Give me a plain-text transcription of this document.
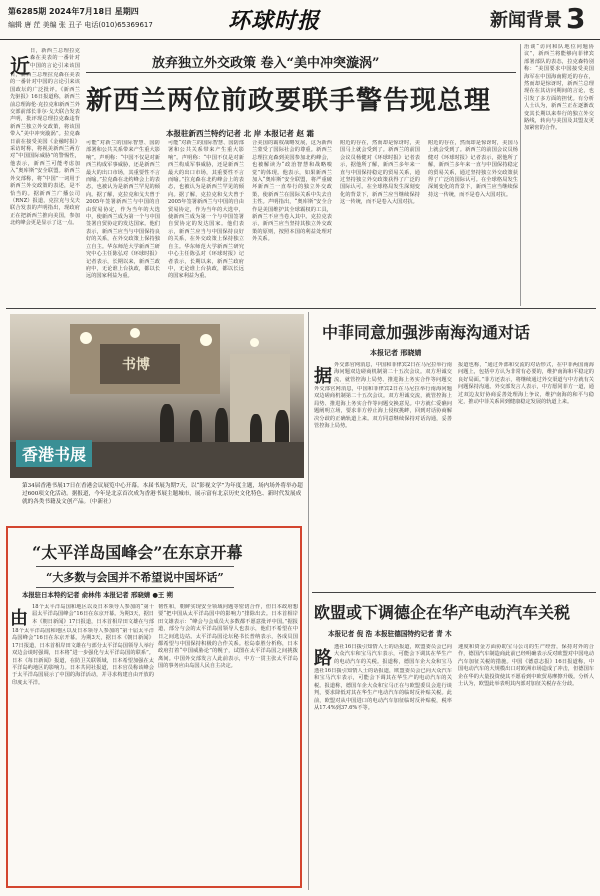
第6285期 2024年7月18日 星期四
编辑 唐 茳 美编 张 丑子 电话(010)65369617	环球时报	新闻背景 3
近
日，新西兰总理拉克森在美表的一番针对中国的言论引来该国
日，新西兰总理拉克森在美表的一番针对中国的言论引来该国政坛的广泛批评。《新西兰先驱报》16日报道称，新西兰前总理海伦·克拉克和新西兰外交部前部长菲尔·戈夫联合发表声明，批评现总理拉克森违背新西兰独立外交政策，将该国带入“美中冲突漩涡”。拉克森日前在接受美国《金融时报》采访时称，将视美新西兰两方对“中国国际威胁”的警惕性，他表示，新西兰可能考虑加入“奥库斯”安全联盟。新西兰外交部称，将“中国”一词用于新西兰外交政策的表述，是不恰当的。据新西兰广播公司（RNZ）报道，克拉克与戈夫联合发表的声明指出，现政府正在把新西兰推向美国，参加北约峰会更是显示了这一点。
放弃独立外交政策 卷入“美中冲突漩涡”
新西兰两位前政要联手警告现总理
本报驻新西兰特约记者 北 岸 本报记者 赵 霜
可能“对新兰的国际智慧、国防部署和公共关系带来产生重大影响”。声明称：“中国不仅是对新西兰构成军事威胁，还是新西兰最大的出口市场，其重要性不言而喻。”拉克森在北约峰会上的表态，也被认为是新西兰罕见的倾向。据了解，克拉克和戈夫曾于2005年签署新西兰与中国的自由贸易协定，作为当年的大选中，使新西兰成为第一个与中国签署自贸协定的发达国家。他们表示，新西兰应当与中国保持良好的关系，在外交政策上保持独立自主。华东师范大学新西兰研究中心主任陈弘对《环球时报》记者表示，长期以来，新西兰政府中，无论谁上台执政，都以长远的国家利益为重。
可能“对新兰的国际智慧、国防部署和公共关系带来产生重大影响”。声明称：“中国不仅是对新西兰构成军事威胁，还是新西兰最大的出口市场，其重要性不言而喻。”拉克森在北约峰会上的表态，也被认为是新西兰罕见的倾向。据了解，克拉克和戈夫曾于2005年签署新西兰与中国的自由贸易协定，作为当年的大选中，使新西兰成为第一个与中国签署自贸协定的发达国家。他们表示，新西兰应当与中国保持良好的关系，在外交政策上保持独立自主。华东师范大学新西兰研究中心主任陈弘对《环球时报》记者表示，长期以来，新西兰政府中，无论谁上台执政，都以长远的国家利益为重。
合美国的霸权战略发展，这为新西兰蒙受了国际社会的尊重。新西兰总理拉克森到美国参加北约峰会，也被解读为“政治智慧和战略嗅觉”的体现。他表示，如果新西兰加入“奥库斯”安全联盟，将严重破坏新西兰一直奉行的独立外交政策，使新西兰在国际关系中失去自主性。声明指出，“奥库斯”安全合作是美国维护其全球霸权的工具，新西兰不应当卷入其中。克拉克表示，新西兰应当坚持其独立外交政策的原则，按照本国的利益处理对外关系。
附近的存在，然而却是惊讶时，美国马上就会受到了。新西兰的前国会议员杨健对《环球时报》记者表示，据他所了解，新西兰多年来一直与中国保持稳定的贸易关系，通过坚持独立外交政策获得了广泛的国际认可。在全球格局发生深刻变化的背景下，新西兰应当继续保持这一传统，而不是卷入大国对抗。
附近的存在，然而却是惊讶时，美国马上就会受到了。新西兰的前国会议员杨健对《环球时报》记者表示，据他所了解，新西兰多年来一直与中国保持稳定的贸易关系，通过坚持独立外交政策获得了广泛的国际认可。在全球格局发生深刻变化的背景下，新西兰应当继续保持这一传统，而不是卷入大国对抗。
治谈“访问和队地位问题协议”，新西兰将能够向菲律宾部署部队的表态，拉克森特别称：“美国要求中国接受美国海军在中国海南附近的存在，然而却是惊讶时，新西兰总理现在在其访问期间的言论，也引发了多方面的担忧。有分析人士认为，新西兰正在逐渐改变其长期以来奉行的独立外交路线，转向与美国及其盟友更加紧密的合作。
书博
香港书展
第34届香港书展17日在香港会议展览中心开幕。本届书展为期7天，以“影视文学”为年度主题，场内场外将举办超过600项文化活动。据报道，今年是北京首次成为香港书展主题城市，展示富有北京历史文化特色、新时代发展成就的各类书籍及文创产品。（中新社）
“太平洋岛国峰会”在东京开幕
“大多数与会国并不希望说中国坏话”
本报驻日本特约记者 俞林伟 本报记者 邢晓婧 ●王 朔
由
18个太平洋岛国和地区以及日本领导人参加的“第十届太平洋岛国峰会”16日在东京开幕。为期3天，据日本《朝日新闻》17日报道，日本首相岸田文雄在与部
18个太平洋岛国和地区以及日本领导人参加的“第十届太平洋岛国峰会”16日在东京开幕。为期3天，据日本《朝日新闻》17日报道，日本首相岸田文雄在与部分太平洋岛国领导人举行双边会谈时强调，日本将“进一步强化与太平洋岛国的联系”。日本《每日新闻》报道，在防卫关联领域，日本希望加强在太平洋岛屿地区的影响力。日本共同社报道，日本官员称该峰会于太平洋岛国展示了中国的海洋活动，并寻求构建自由开放的印度太平洋。
韧性和，朝鲜实现安全领域问题等密切合作，但日本政府想要“把中国从太平洋岛国中的影响力”排除出去。日本首相岸田文雄表示：“峰会与会成员大多数都不愿意批评中国。”据报道，部分与会的太平洋岛国领导人也表示，他们不希望在中日之间选边站。太平洋岛国论坛秘书长普纳表示，各成员国都希望与中国保持积极的合作关系。松岛泰胜分析称，日本政府打着“中国威胁论”的幌子，试图在太平洋岛国之间挑拨离间。中国外交部发言人此前表示，中方一贯主张太平洋岛国的事务应由岛国人民自主决定。
中菲同意加强涉南海沟通对话
本报记者 邢晓婧
据
外交部官网消息，中国和菲律宾2日在马尼拉举行南海问题双边磋商机制第二十五次会议。双方坦诚交流，就管控海上局势、推进海上务实合作等问题交
外交部官网消息，中国和菲律宾2日在马尼拉举行南海问题双边磋商机制第二十五次会议。双方坦诚交流，就管控海上局势、推进海上务实合作等问题交换意见。中方就仁爱礁问题阐明立场，要求菲方停止海上侵权挑衅，回到对话协商解决分歧的正确轨道上来。双方同意继续保持对话沟通，妥善管控海上局势。
报道也称，“通过外部和交流的对话形式，在中菲两国南海问题上，包括中方认为非常有必要的，维护南海和平稳定的良好局面。”菲方还表示，将继续通过外交渠道与中方就有关问题保持沟通。外交部发言人表示，中方愿同菲方一道，通过双边友好协商妥善处理海上争议，维护南海的和平与稳定，推动中菲关系回到健康稳定发展的轨道上来。
欧盟或下调德企在华产电动汽车关税
本报记者 倪 浩 本报驻德国特约记者 青 木
路
透社16日援引知情人士的话报道，欧盟委员会已向大众汽车和宝马汽车表示，可能会下调其在华生产的电动汽车的关税。报道称，德国车企大众和宝马
透社16日援引知情人士的话报道，欧盟委员会已向大众汽车和宝马汽车表示，可能会下调其在华生产的电动汽车的关税。报道称，德国车企大众和宝马正在与欧盟委员会进行谈判，要求降低对其在华生产电动汽车的临时反补贴关税。此前，欧盟对从中国进口的电动汽车加征临时反补贴税，税率从17.4%到37.6%不等。
速度和资金方面协助宝马公司的生产经营，保持对外的合作，德国汽车制造商此前已经明确表示反对欧盟对中国电动汽车加征关税的措施。中国《德意志报》16日报道称，中国电动汽车的大规模出口对欧洲市场造成了冲击，但德国车企在华的大量投资使其不愿看到中欧贸易摩擦升级。分析人士认为，欧盟此举表明其内部对加征关税存在分歧。
